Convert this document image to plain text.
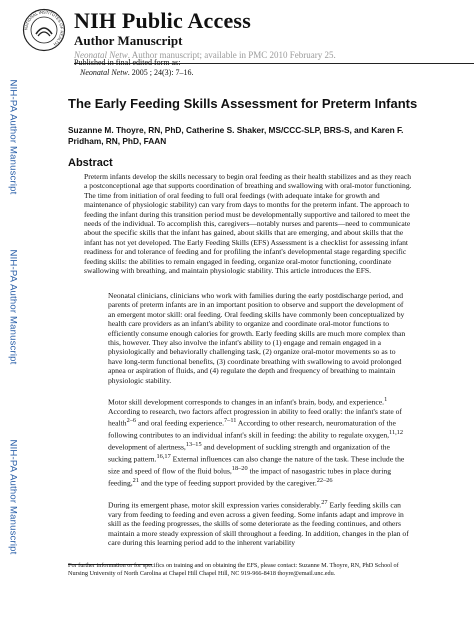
NATIONAL INSTITUTES OF HEALTH
NIH Public Access
Author Manuscript
Neonatal Netw. Author manuscript; available in PMC 2010 February 25.
Published in final edited form as:
Neonatal Netw. 2005 ; 24(3): 7–16.
NIH-PA Author Manuscript
NIH-PA Author Manuscript
NIH-PA Author Manuscript
The Early Feeding Skills Assessment for Preterm Infants
Suzanne M. Thoyre, RN, PhD, Catherine S. Shaker, MS/CCC-SLP, BRS-S, and Karen F. Pridham, RN, PhD, FAAN
Abstract
Preterm infants develop the skills necessary to begin oral feeding as their health stabilizes and as they reach a postconceptional age that supports coordination of breathing and swallowing with oral-motor functioning. The time from initiation of oral feeding to full oral feedings (with adequate intake for growth and maintenance of physiologic stability) can vary from days to months for the preterm infant. The approach to feeding the infant during this transition period must be developmentally supportive and tailored to meet the needs of the individual. To accomplish this, caregivers—notably nurses and parents—need to communicate about the specific skills that the infant has gained, about skills that are emerging, and about skills that the infant has not yet developed. The Early Feeding Skills (EFS) Assessment is a checklist for assessing infant readiness for and tolerance of feeding and for profiling the infant's developmental stage regarding specific feeding skills: the abilities to remain engaged in feeding, organize oral-motor functioning, coordinate swallowing with breathing, and maintain physiologic stability. This article introduces the EFS.

Neonatal clinicians, clinicians who work with families during the early postdischarge period, and parents of preterm infants are in an important position to observe and support the development of an emergent motor skill: oral feeding. Oral feeding skills have commonly been conceptualized by health care providers as an infant's ability to organize and coordinate oral-motor functions to efficiently consume enough calories for growth. Early feeding skills are much more complex than this, however. They also involve the infant's ability to (1) engage and remain engaged in a physiologically and behaviorally challenging task, (2) organize oral-motor movements so as to have long-term functional benefits, (3) coordinate breathing with swallowing to avoid prolonged apnea or aspiration of fluids, and (4) regulate the depth and frequency of breathing to maintain physiologic stability.

Motor skill development corresponds to changes in an infant's brain, body, and experience.$^1$ According to research, two factors affect progression in ability to feed orally: the infant's state of health$^{2-6}$ and oral feeding experience.$^{7-11}$ According to other research, neuromaturation of the following contributes to an individual infant's skill in feeding: the ability to regulate oxygen,$^{11,12}$ development of alertness,$^{13-15}$ and development of suckling strength and organization of the sucking pattern.$^{16,17}$ External influences can also change the nature of the task. These include the size and speed of flow of the fluid bolus,$^{18-20}$ the impact of nasogastric tubes in place during feeding,$^{21}$ and the type of feeding support provided by the caregiver.$^{22-26}$

During its emergent phase, motor skill expression varies considerably.$^{27}$ Early feeding skills can vary from feeding to feeding and even across a given feeding. Some infants adapt and improve in skill as the feeding progresses, the skills of some deteriorate as the feeding continues, and others maintain a more steady expression of skill throughout a feeding. In addition, changes in the plan of care during this learning period add to the inherent variability

For further information or for specifics on training and on obtaining the EFS, please contact: Suzanne M. Thoyre, RN, PhD School of Nursing University of North Carolina at Chapel Hill Chapel Hill, NC 919-966-8418 thoyre@email.unc.edu.
